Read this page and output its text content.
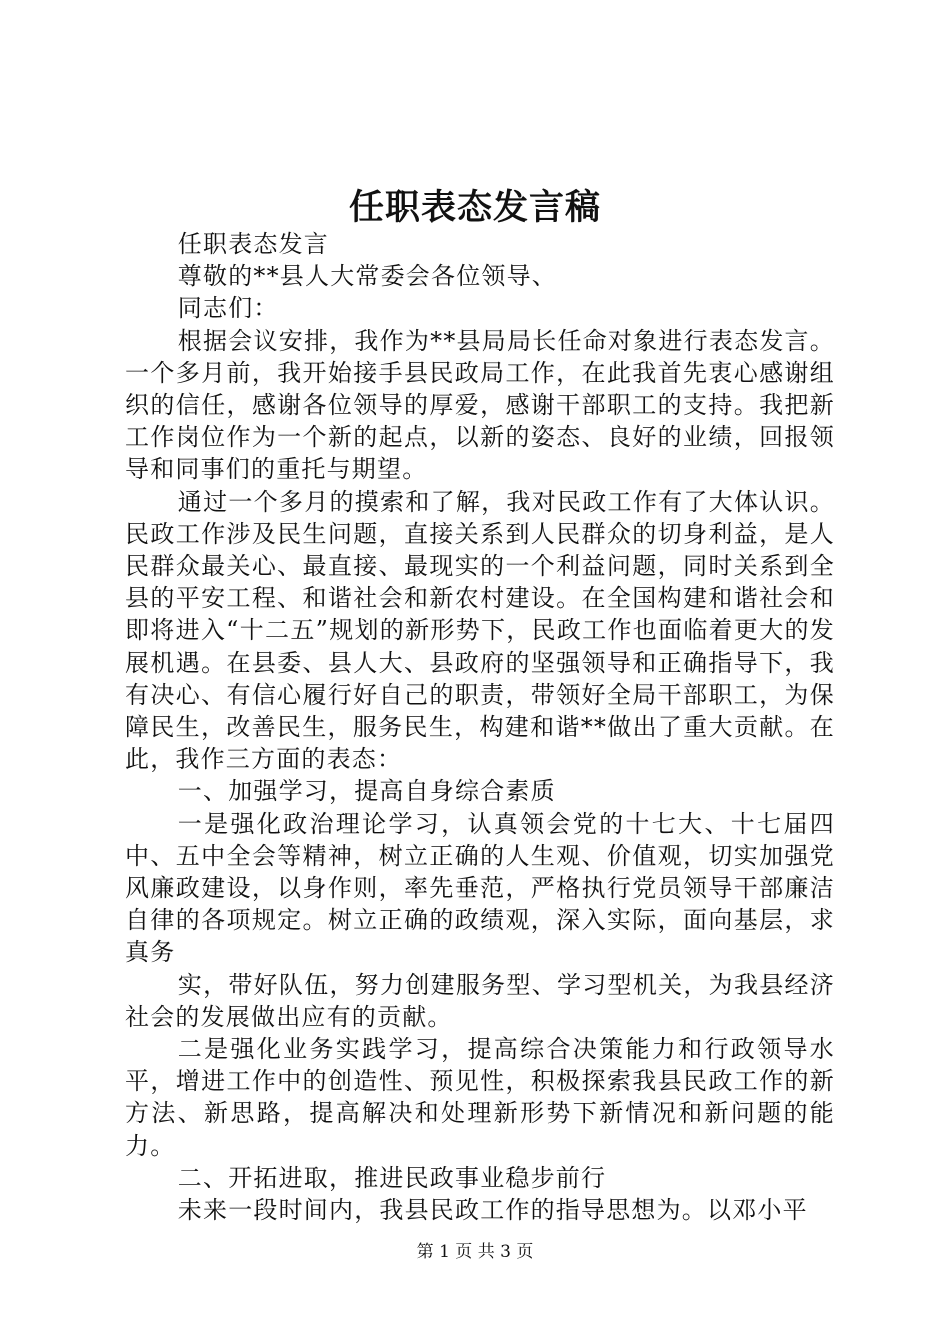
任职表态发言稿

任职表态发言

尊敬的**县人大常委会各位领导、

同志们：

根据会议安排，我作为**县局局长任命对象进行表态发言。一个多月前，我开始接手县民政局工作，在此我首先衷心感谢组织的信任，感谢各位领导的厚爱，感谢干部职工的支持。我把新工作岗位作为一个新的起点，以新的姿态、良好的业绩，回报领导和同事们的重托与期望。

通过一个多月的摸索和了解，我对民政工作有了大体认识。民政工作涉及民生问题，直接关系到人民群众的切身利益，是人民群众最关心、最直接、最现实的一个利益问题，同时关系到全县的平安工程、和谐社会和新农村建设。在全国构建和谐社会和即将进入“十二五”规划的新形势下，民政工作也面临着更大的发展机遇。在县委、县人大、县政府的坚强领导和正确指导下，我有决心、有信心履行好自己的职责，带领好全局干部职工，为保障民生，改善民生，服务民生，构建和谐**做出了重大贡献。在此，我作三方面的表态：

一、加强学习，提高自身综合素质

一是强化政治理论学习，认真领会党的十七大、十七届四中、五中全会等精神，树立正确的人生观、价值观，切实加强党风廉政建设，以身作则，率先垂范，严格执行党员领导干部廉洁自律的各项规定。树立正确的政绩观，深入实际，面向基层，求真务

实，带好队伍，努力创建服务型、学习型机关，为我县经济社会的发展做出应有的贡献。

二是强化业务实践学习，提高综合决策能力和行政领导水平，增进工作中的创造性、预见性，积极探索我县民政工作的新方法、新思路，提高解决和处理新形势下新情况和新问题的能力。

二、开拓进取，推进民政事业稳步前行

未来一段时间内，我县民政工作的指导思想为。以邓小平

第 1 页 共 3 页
